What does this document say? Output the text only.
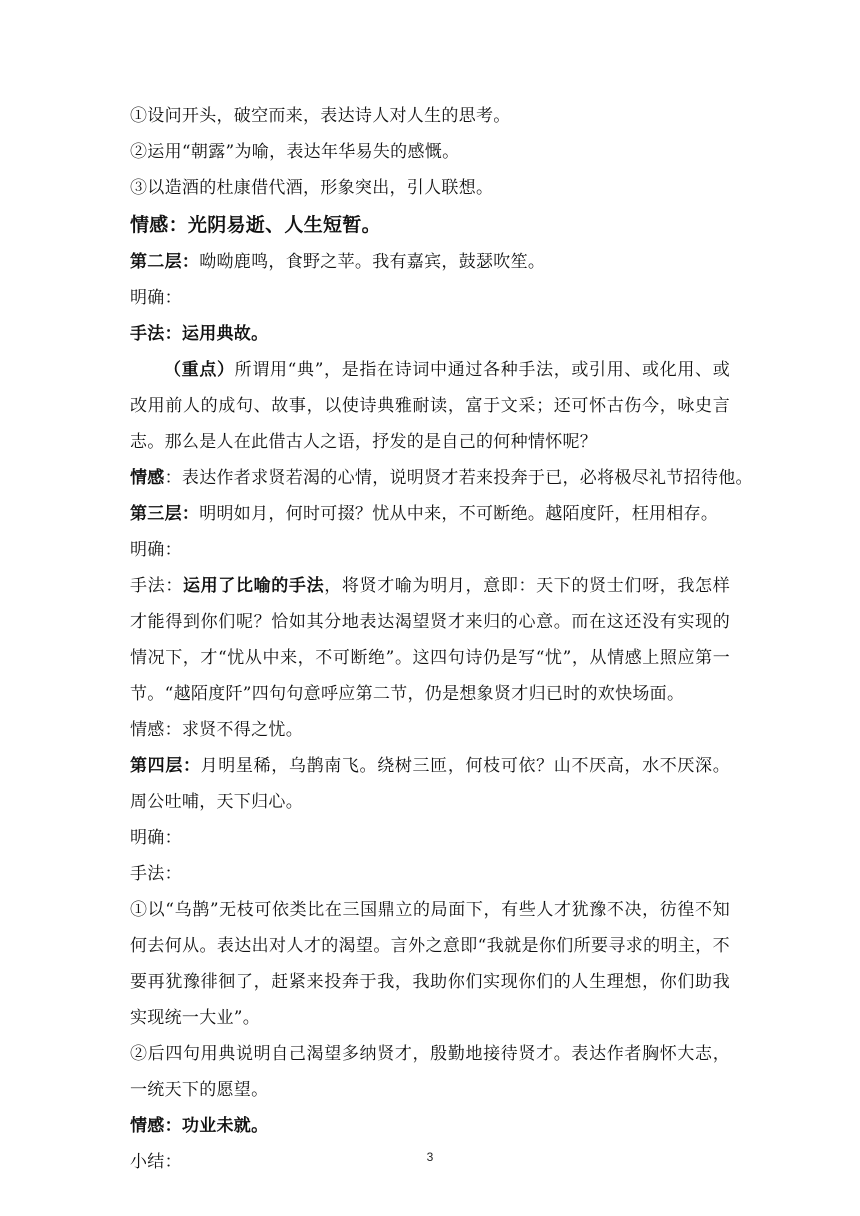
①设问开头，破空而来，表达诗人对人生的思考。

②运用“朝露”为喻，表达年华易失的感慨。

③以造酒的杜康借代酒，形象突出，引人联想。

情感：光阴易逝、人生短暂。

第二层：呦呦鹿鸣，食野之苹。我有嘉宾，鼓瑟吹笙。

明确：

手法：运用典故。

（重点）所谓用“典”，是指在诗词中通过各种手法，或引用、或化用、或改用前人的成句、故事，以使诗典雅耐读，富于文采；还可怀古伤今，咏史言志。那么是人在此借古人之语，抒发的是自己的何种情怀呢？

情感：表达作者求贤若渴的心情，说明贤才若来投奔于已，必将极尽礼节招待他。

第三层：明明如月，何时可掇？忧从中来，不可断绝。越陌度阡，枉用相存。

明确：

手法：运用了比喻的手法，将贤才喻为明月，意即：天下的贤士们呀，我怎样才能得到你们呢？恰如其分地表达渴望贤才来归的心意。而在这还没有实现的情况下，才“忧从中来，不可断绝”。这四句诗仍是写“忧”，从情感上照应第一节。“越陌度阡”四句句意呼应第二节，仍是想象贤才归已时的欢快场面。

情感：求贤不得之忧。

第四层：月明星稀，乌鹊南飞。绕树三匝，何枝可依？山不厌高，水不厌深。周公吐哺，天下归心。

明确：

手法：

①以“乌鹊”无枝可依类比在三国鼎立的局面下，有些人才犹豫不决，彷徨不知何去何从。表达出对人才的渴望。言外之意即“我就是你们所要寻求的明主，不要再犹豫徘徊了，赶紧来投奔于我，我助你们实现你们的人生理想，你们助我实现统一大业”。

②后四句用典说明自己渴望多纳贤才，殷勤地接待贤才。表达作者胸怀大志，一统天下的愿望。

情感：功业未就。

小结：	3
